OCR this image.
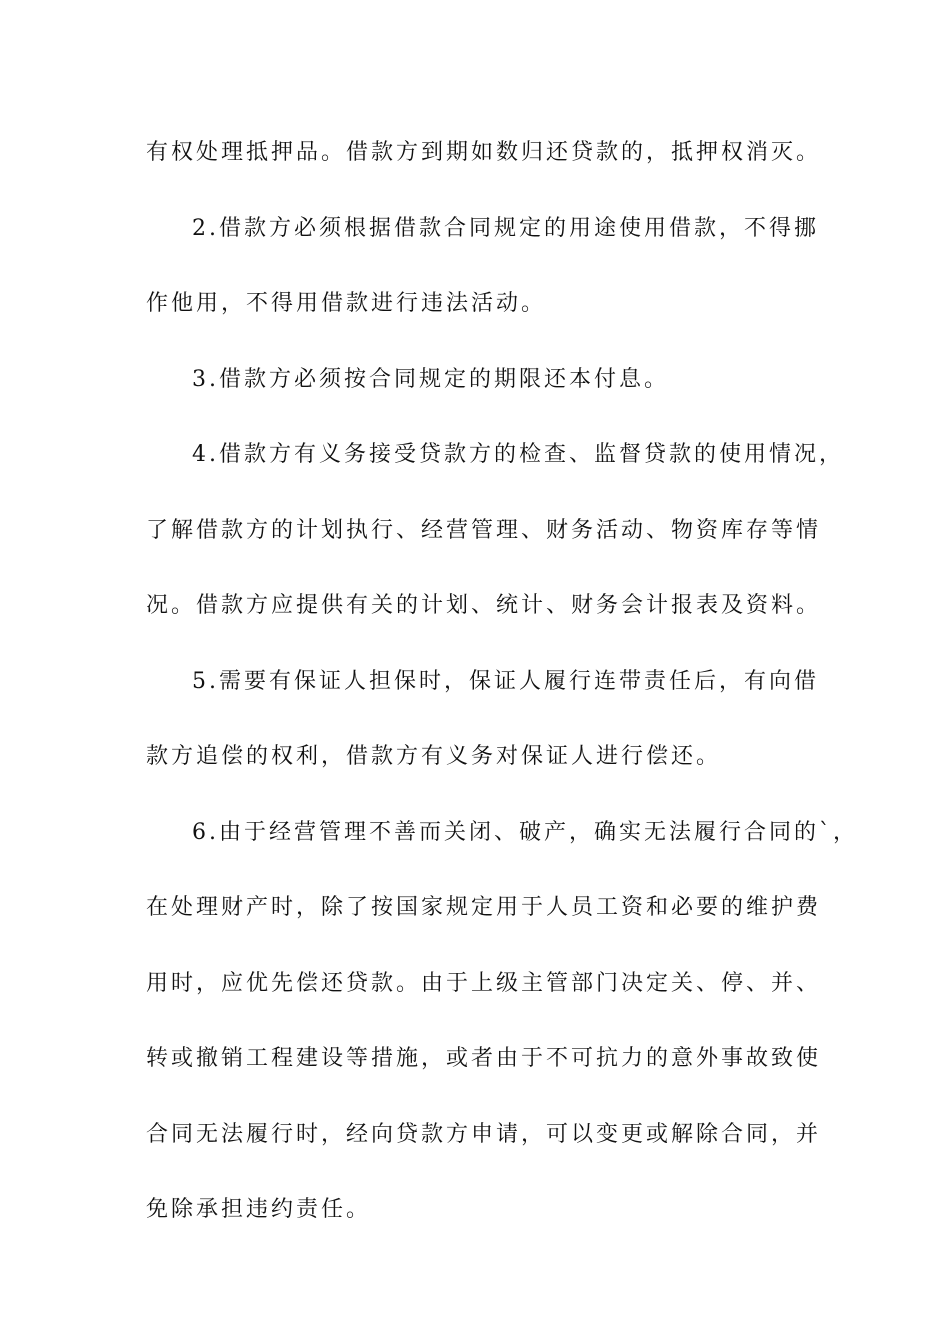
有权处理抵押品。借款方到期如数归还贷款的，抵押权消灭。
2.借款方必须根据借款合同规定的用途使用借款，不得挪
作他用，不得用借款进行违法活动。
3.借款方必须按合同规定的期限还本付息。
4.借款方有义务接受贷款方的检查、监督贷款的使用情况，
了解借款方的计划执行、经营管理、财务活动、物资库存等情
况。借款方应提供有关的计划、统计、财务会计报表及资料。
5.需要有保证人担保时，保证人履行连带责任后，有向借
款方追偿的权利，借款方有义务对保证人进行偿还。
6.由于经营管理不善而关闭、破产，确实无法履行合同的`，
在处理财产时，除了按国家规定用于人员工资和必要的维护费
用时，应优先偿还贷款。由于上级主管部门决定关、停、并、
转或撤销工程建设等措施，或者由于不可抗力的意外事故致使
合同无法履行时，经向贷款方申请，可以变更或解除合同，并
免除承担违约责任。
